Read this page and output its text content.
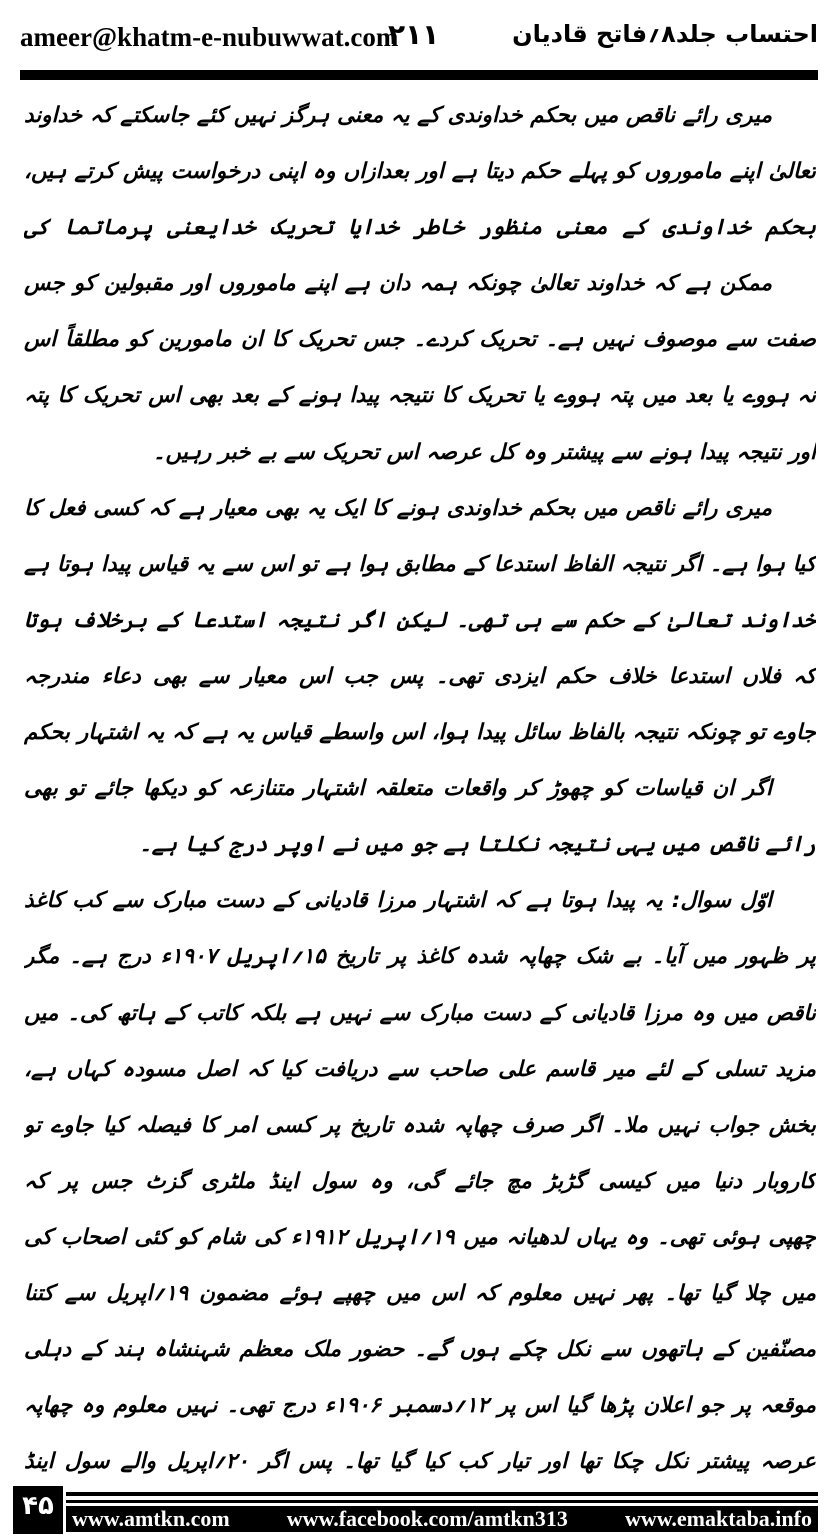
ameer@khatm-e-nubuwwat.com
۲۱۱	احتساب جلد۸؍فاتح قادیان
میری رائے ناقص میں بحکم خداوندی کے یہ معنی ہرگز نہیں کئے جاسکتے کہ خداوند
تعالیٰ اپنے ماموروں کو پہلے حکم دیتا ہے اور بعدازاں وہ اپنی درخواست پیش کرتے ہیں،
بحکم خداوندی کے معنی منظور خاطر خدایا تحریک خدایعنی پرماتما کی
ممکن ہے کہ خداوند تعالیٰ چونکہ ہمہ دان ہے اپنے ماموروں اور مقبولین کو جس
صفت سے موصوف نہیں ہے۔ تحریک کردے۔ جس تحریک کا ان مامورین کو مطلقاً اس
نہ ہووے یا بعد میں پتہ ہووے یا تحریک کا نتیجہ پیدا ہونے کے بعد بھی اس تحریک کا پتہ
اور نتیجہ پیدا ہونے سے پیشتر وہ کل عرصہ اس تحریک سے بے خبر رہیں۔
میری رائے ناقص میں بحکم خداوندی ہونے کا ایک یہ بھی معیار ہے کہ کسی فعل کا
کیا ہوا ہے۔ اگر نتیجہ الفاظ استدعا کے مطابق ہوا ہے تو اس سے یہ قیاس پیدا ہوتا ہے
خداوند تعالیٰ کے حکم سے ہی تھی۔ لیکن اگر نتیجہ استدعا کے برخلاف ہوتا
کہ فلاں استدعا خلاف حکم ایزدی تھی۔ پس جب اس معیار سے بھی دعاء مندرجہ
جاوے تو چونکہ نتیجہ بالفاظ سائل پیدا ہوا، اس واسطے قیاس یہ ہے کہ یہ اشتہار بحکم
اگر ان قیاسات کو چھوڑ کر واقعات متعلقہ اشتہار متنازعہ کو دیکھا جائے تو بھی
رائے ناقص میں یہی نتیجہ نکلتا ہے جو میں نے اوپر درج کیا ہے۔
اوّل سوال: یہ پیدا ہوتا ہے کہ اشتہار مرزا قادیانی کے دست مبارک سے کب کاغذ
پر ظہور میں آیا۔ بے شک چھاپہ شدہ کاغذ پر تاریخ ۱۵؍اپریل ۱۹۰۷ء درج ہے۔ مگر
ناقص میں وہ مرزا قادیانی کے دست مبارک سے نہیں ہے بلکہ کاتب کے ہاتھ کی۔ میں
مزید تسلی کے لئے میر قاسم علی صاحب سے دریافت کیا کہ اصل مسودہ کہاں ہے،
بخش جواب نہیں ملا۔ اگر صرف چھاپہ شدہ تاریخ پر کسی امر کا فیصلہ کیا جاوے تو
کاروبار دنیا میں کیسی گڑبڑ مچ جائے گی، وہ سول اینڈ ملٹری گزٹ جس پر کہ
چھپی ہوئی تھی۔ وہ یہاں لدھیانہ میں ۱۹؍اپریل ۱۹۱۲ء کی شام کو کئی اصحاب کی
میں چلا گیا تھا۔ پھر نہیں معلوم کہ اس میں چھپے ہوئے مضمون ۱۹؍اپریل سے کتنا
مصنّفین کے ہاتھوں سے نکل چکے ہوں گے۔ حضور ملک معظم شہنشاہ ہند کے دہلی
موقعہ پر جو اعلان پڑھا گیا اس پر ۱۲؍دسمبر ۱۹۰۶ء درج تھی۔ نہیں معلوم وہ چھاپہ
عرصہ پیشتر نکل چکا تھا اور تیار کب کیا گیا تھا۔ پس اگر ۲۰؍اپریل والے سول اینڈ
۴۵ www.amtkn.com	www.facebook.com/amtkn313	www.emaktaba.info
